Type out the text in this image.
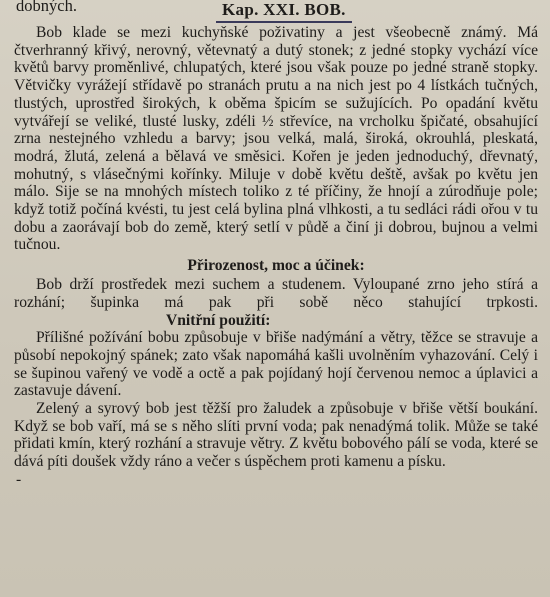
dobných.	Kap. XXI. BOB.

Bob klade se mezi kuchyňské poživatiny a jest všeobecně známý. Má čtverhranný křivý, nerovný, větevnatý a dutý stonek; z jedné stopky vychází více květů barvy proměnlivé, chlupatých, které jsou však pouze po jedné straně stopky. Větvičky vyrážejí střídavě po stranách prutu a na nich jest po 4 lístkách tučných, tlustých, uprostřed širokých, k oběma špicím se sužujících. Po opadání květu vytvářejí se veliké, tlusté lusky, zdéli ½ střevíce, na vrcholku špičaté, obsahující zrna nestejného vzhledu a barvy; jsou velká, malá, široká, okrouhlá, pleskatá, modrá, žlutá, zelená a bělavá ve směsici. Kořen je jeden jednoduchý, dřevnatý, mohutný, s vlásečnými kořínky. Miluje v době květu deště, avšak po květu jen málo. Sije se na mnohých místech toliko z té příčiny, že hnojí a zúrodňuje pole; když totiž počíná kvésti, tu jest celá bylina plná vlhkosti, a tu sedláci rádi ořou v tu dobu a zaorávají bob do země, který setlí v půdě a činí ji dobrou, bujnou a velmi tučnou.

Přirozenost, moc a účinek:

Bob drží prostředek mezi suchem a studenem. Vyloupané zrno jeho stírá a rozhání; šupinka má pak při sobě něco stahující trpkosti.Vnitřní použití:

Přílišné požívání bobu způsobuje v břiše nadýmání a větry, těžce se stravuje a působí nepokojný spánek; zato však napomáhá kašli uvolněním vyhazování. Celý i se šupinou vařený ve vodě a octě a pak pojídaný hojí červenou nemoc a úplavici a zastavuje dávení.

Zelený a syrový bob jest těžší pro žaludek a způsobuje v břiše větší boukání. Když se bob vaří, má se s něho slíti první voda; pak nenadýmá tolik. Může se také přidati kmín, který rozhání a stravuje větry. Z květu bobového pálí se voda, které se dává píti doušek vždy ráno a večer s úspěchem proti kamenu a písku.

-
